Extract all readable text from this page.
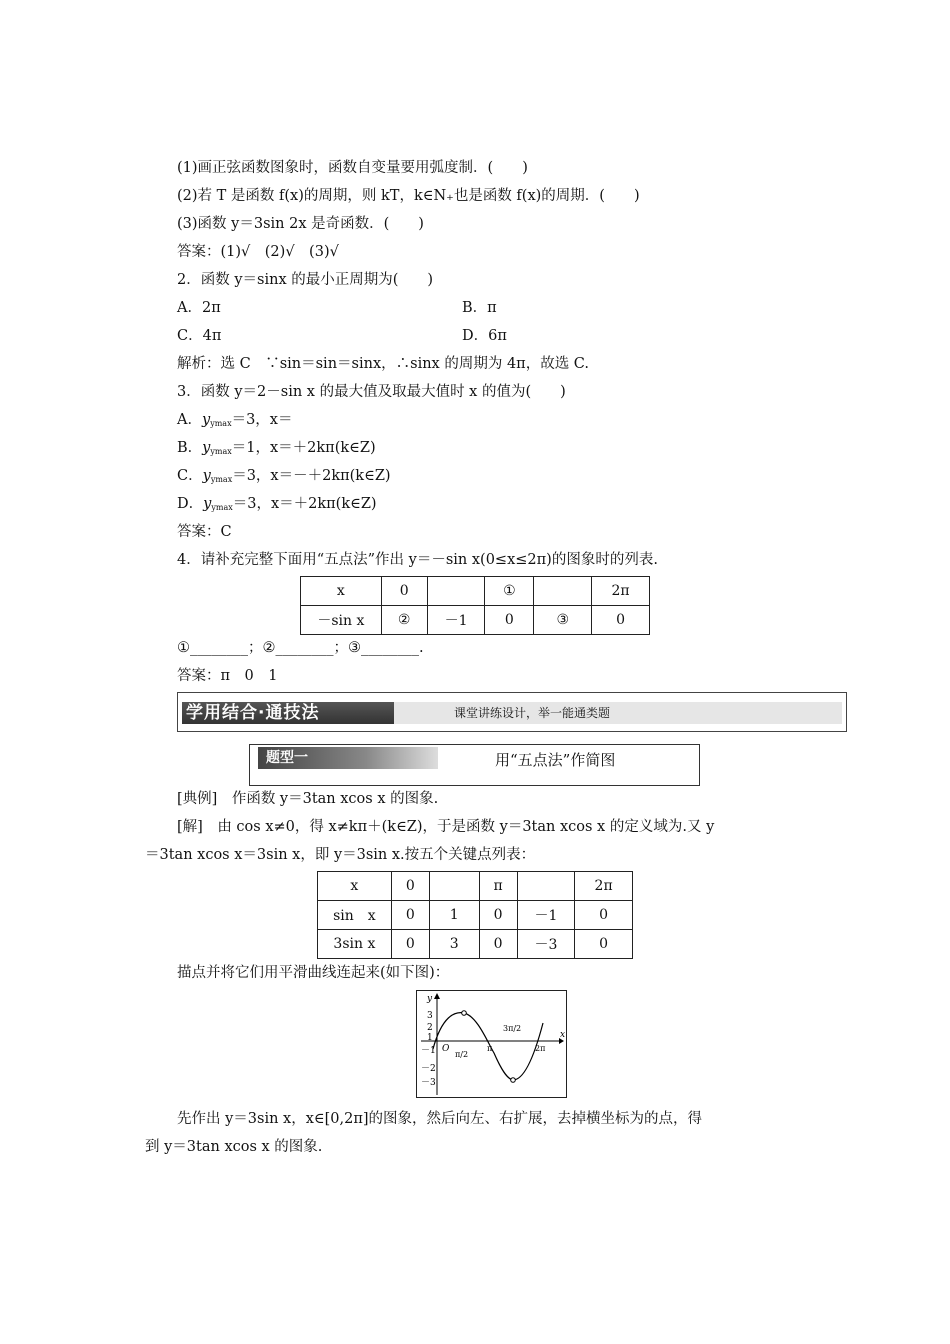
(1)画正弦函数图象时，函数自变量要用弧度制．(　　)
(2)若 T 是函数 f(x)的周期，则 kT，k∈N₊也是函数 f(x)的周期．(　　)
(3)函数 y＝3sin 2x 是奇函数．(　　)
答案：(1)√　(2)√　(3)√
2．函数 y＝sinx 的最小正周期为(　　)
A．2π	B．π
C．4π	D．6π
解析：选 C　∵sin＝sin＝sinx，∴sinx 的周期为 4π，故选 C.
3．函数 y＝2－sin x 的最大值及取最大值时 x 的值为(　　)
A．$y_{ymax}=3$，x＝
B．$y_{ymax}=1$，x＝＋2kπ(k∈Z)
C．$y_{ymax}=3$，x＝－＋2kπ(k∈Z)
D．$y_{ymax}=3$，x＝＋2kπ(k∈Z)
答案：C
4．请补充完整下面用“五点法”作出 y＝－sin x(0≤x≤2π)的图象时的列表.
x	0		①		2π
－sin x	②	－1	0	③	0
①________；②________；③________.
答案：π　0　1
学用结合·通技法	课堂讲练设计，举一能通类题
题型一	用“五点法”作简图
[典例]　作函数 y＝3tan xcos x 的图象.
[解]　由 cos x≠0，得 x≠kπ＋(k∈Z)，于是函数 y＝3tan xcos x 的定义域为.又 y
＝3tan xcos x＝3sin x，即 y＝3sin x.按五个关键点列表：
x	0		π		2π
sin　x	0	1	0	－1	0
3sin x	0	3	0	－3	0
描点并将它们用平滑曲线连起来(如下图)：
y
x
3
2
1
－1
－2
－3
O
π/2
π
3π/2
2π
先作出 y＝3sin x，x∈[0,2π]的图象，然后向左、右扩展，去掉横坐标为的点，得
到 y＝3tan xcos x 的图象.
